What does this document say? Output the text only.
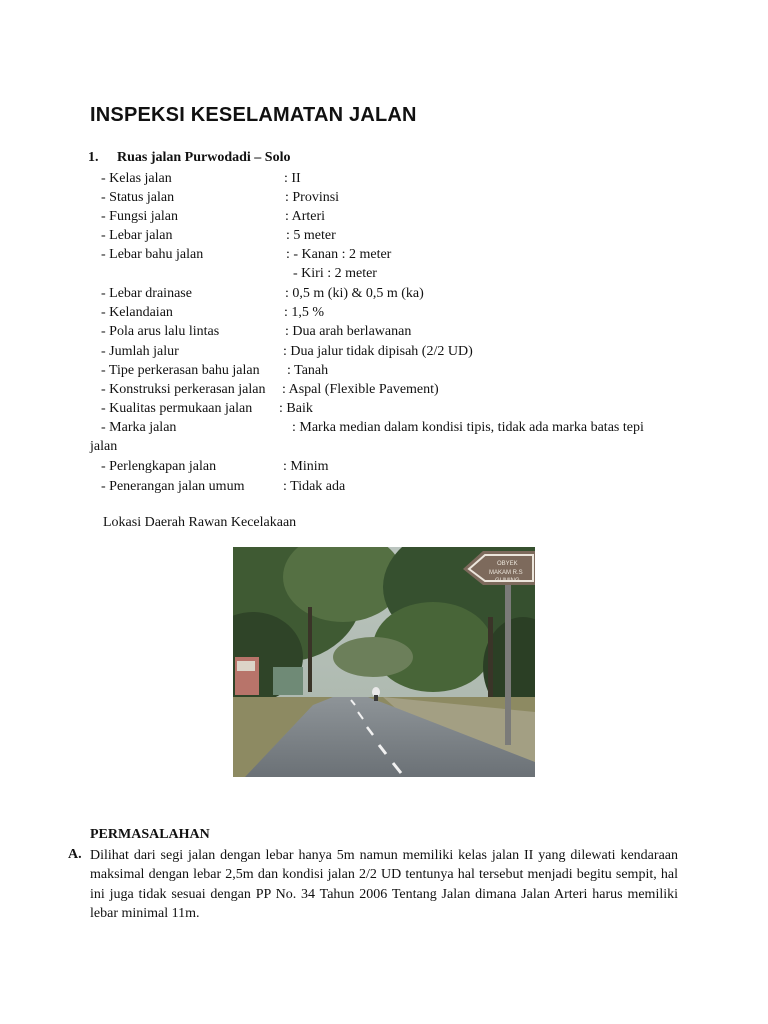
INSPEKSI KESELAMATAN JALAN
1. Ruas jalan Purwodadi – Solo
- Kelas jalan	: II
- Status jalan	: Provinsi
- Fungsi jalan	: Arteri
- Lebar jalan	: 5 meter
- Lebar bahu jalan	: - Kanan : 2 meter
- Kiri : 2 meter
- Lebar drainase	: 0,5 m (ki) & 0,5 m (ka)
- Kelandaian	: 1,5 %
- Pola arus lalu lintas	: Dua arah berlawanan
- Jumlah jalur	: Dua jalur tidak dipisah (2/2 UD)
- Tipe perkerasan bahu jalan : Tanah
- Konstruksi perkerasan jalan : Aspal (Flexible Pavement)
- Kualitas permukaan jalan : Baik
- Marka jalan	: Marka median dalam kondisi tipis, tidak ada marka batas tepi
jalan
- Perlengkapan jalan	: Minim
- Penerangan jalan umum	: Tidak ada
Lokasi Daerah Rawan Kecelakaan
OBYEK
MAKAM R.S
GUMING
PERMASALAHAN
A. Dilihat dari segi jalan dengan lebar hanya 5m namun memiliki kelas jalan II yang dilewati kendaraan maksimal dengan lebar 2,5m dan kondisi jalan 2/2 UD tentunya hal tersebut menjadi begitu sempit, hal ini juga tidak sesuai dengan PP No. 34 Tahun 2006 Tentang Jalan dimana Jalan Arteri harus memiliki lebar minimal 11m.
